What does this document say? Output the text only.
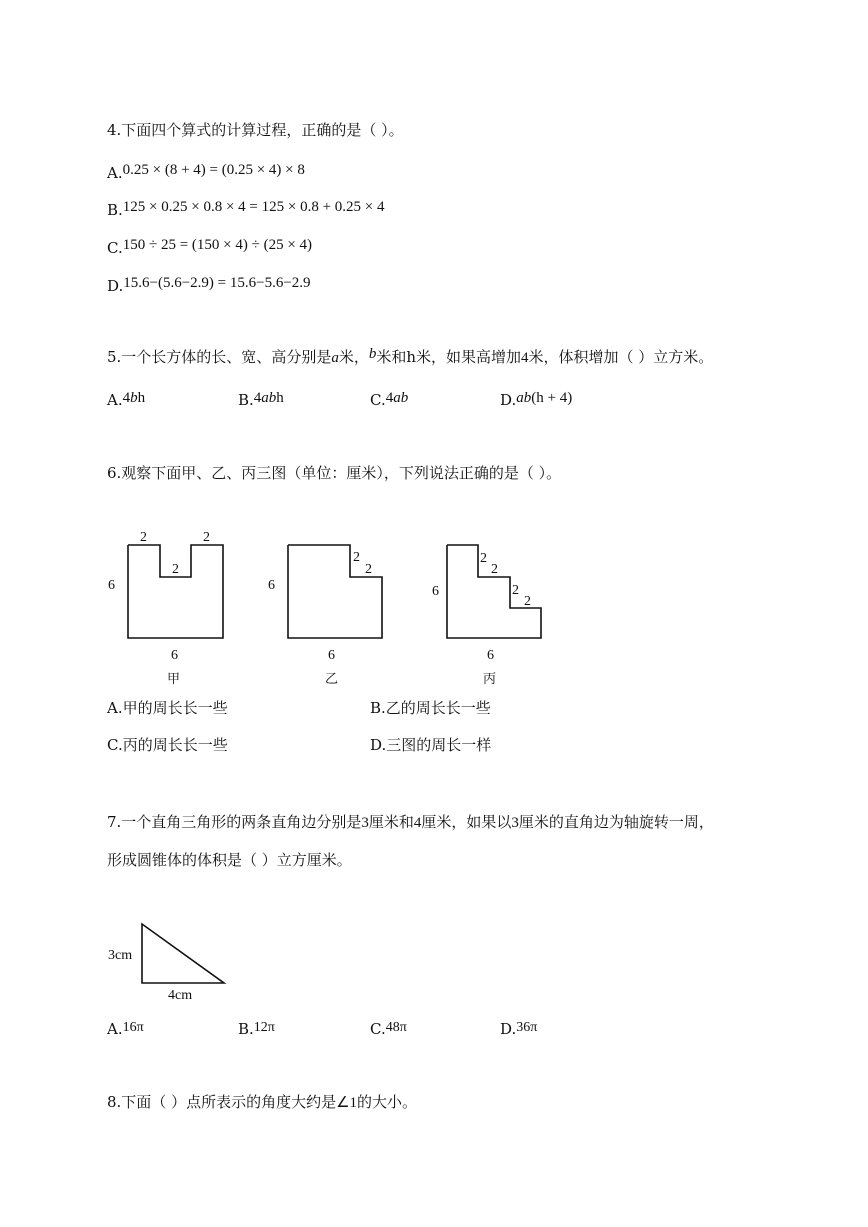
4.下面四个算式的计算过程，正确的是（ ）。
A.0.25 × (8 + 4) = (0.25 × 4) × 8
B.125 × 0.25 × 0.8 × 4 = 125 × 0.8 + 0.25 × 4
C.150 ÷ 25 = (150 × 4) ÷ (25 × 4)
D.15.6−(5.6−2.9) = 15.6−5.6−2.9
5.一个长方体的长、宽、高分别是a米，b米和h米，如果高增加4米，体积增加（ ）立方米。
A.4bh	B.4abh	C.4ab	D.ab(h + 4)
6.观察下面甲、乙、丙三图（单位：厘米），下列说法正确的是（ ）。
2	2
2
6
6
甲
2
2
6
6
乙
2
2
2
2
6
6
丙
3cm
4cm
A.甲的周长长一些	B.乙的周长长一些
C.丙的周长长一些	D.三图的周长一样
7.一个直角三角形的两条直角边分别是3厘米和4厘米，如果以3厘米的直角边为轴旋转一周，
形成圆锥体的体积是（ ）立方厘米。
A.16π	B.12π	C.48π	D.36π
8.下面（ ）点所表示的角度大约是∠1的大小。
